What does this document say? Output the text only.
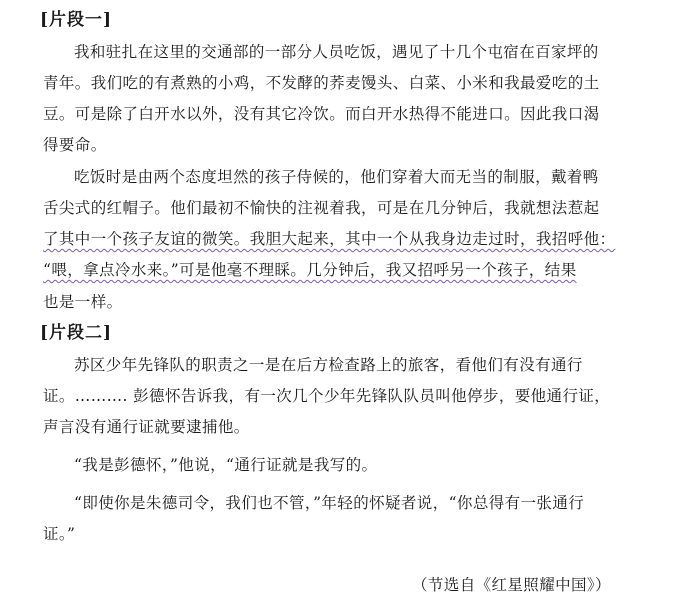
[片段一]
我和驻扎在这里的交通部的一部分人员吃饭，遇见了十几个屯宿在百家坪的
青年。我们吃的有煮熟的小鸡，不发酵的荞麦馒头、白菜、小米和我最爱吃的土
豆。可是除了白开水以外，没有其它冷饮。而白开水热得不能进口。因此我口渴
得要命。
吃饭时是由两个态度坦然的孩子侍候的，他们穿着大而无当的制服，戴着鸭
舌尖式的红帽子。他们最初不愉快的注视着我，可是在几分钟后，我就想法惹起
了其中一个孩子友谊的微笑。我胆大起来，其中一个从我身边走过时，我招呼他：
“喂，拿点冷水来。”可是他毫不理睬。几分钟后，我又招呼另一个孩子，结果
也是一样。
[片段二]
苏区少年先锋队的职责之一是在后方检查路上的旅客，看他们有没有通行
证。………. 彭德怀告诉我，有一次几个少年先锋队队员叫他停步，要他通行证，
声言没有通行证就要逮捕他。
“我是彭德怀，”他说，“通行证就是我写的。
“即使你是朱德司令，我们也不管，”年轻的怀疑者说，“你总得有一张通行
证。”
（节选自《红星照耀中国》）
